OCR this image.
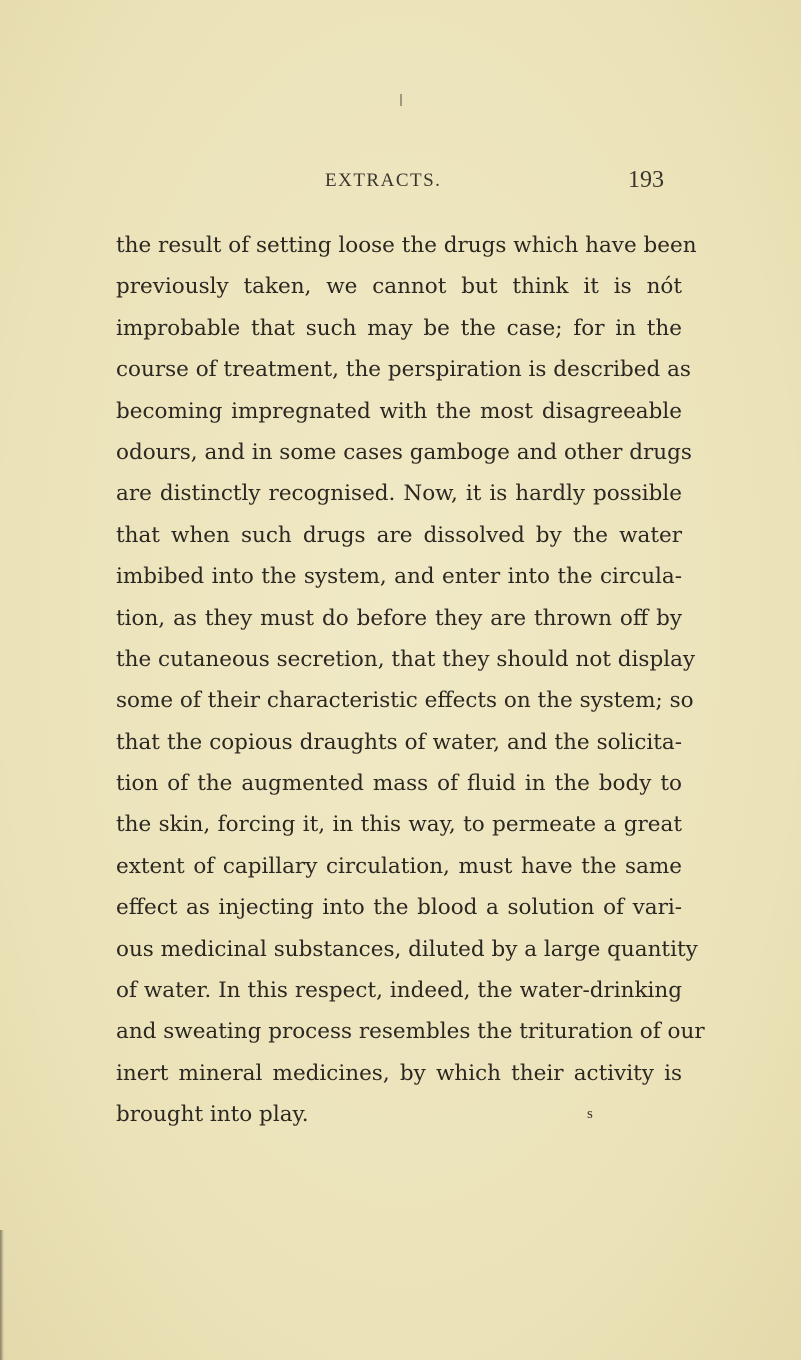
EXTRACTS.	193
the result of setting loose the drugs which have been
previously taken, we cannot but think it is nót
improbable that such may be the case; for in the
course of treatment, the perspiration is described as
becoming impregnated with the most disagreeable
odours, and in some cases gamboge and other drugs
are distinctly recognised. Now, it is hardly possible
that when such drugs are dissolved by the water
imbibed into the system, and enter into the circula-
tion, as they must do before they are thrown off by
the cutaneous secretion, that they should not display
some of their characteristic effects on the system; so
that the copious draughts of water, and the solicita-
tion of the augmented mass of fluid in the body to
the skin, forcing it, in this way, to permeate a great
extent of capillary circulation, must have the same
effect as injecting into the blood a solution of vari-
ous medicinal substances, diluted by a large quantity
of water. In this respect, indeed, the water-drinking
and sweating process resembles the trituration of our
inert mineral medicines, by which their activity is
brought into play.	s
